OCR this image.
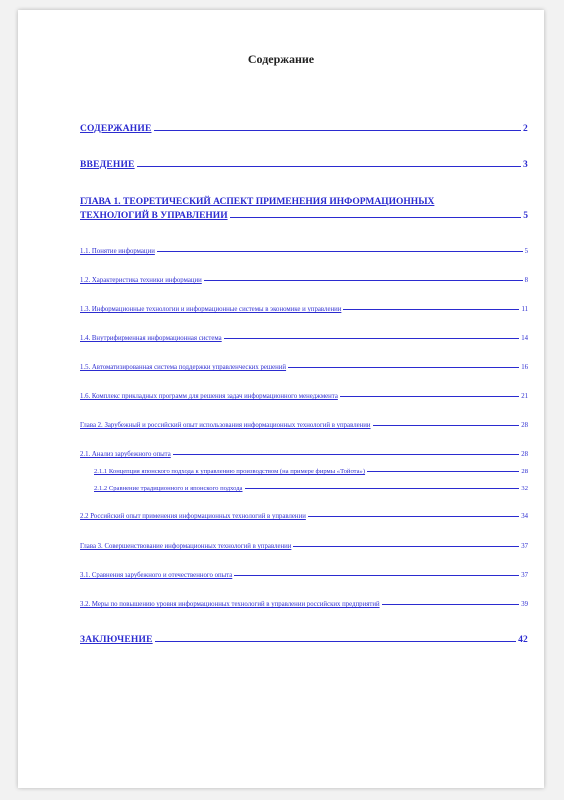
Содержание
СОДЕРЖАНИЕ	2
ВВЕДЕНИЕ	3
ГЛАВА 1. ТЕОРЕТИЧЕСКИЙ АСПЕКТ ПРИМЕНЕНИЯ ИНФОРМАЦИОННЫХ
ТЕХНОЛОГИЙ В УПРАВЛЕНИИ	5
1.1. Понятие информации	5
1.2. Характеристика техники информации	8
1.3. Информационные технологии и информационные системы в экономике и управлении	11
1.4. Внутрифирменная информационная система	14
1.5. Автоматизированная система поддержки управленческих решений	16
1.6. Комплекс прикладных программ для решения задач информационного менеджмента	21
Глава 2. Зарубежный и российский опыт использования информационных технологий в управлении	28
2.1. Анализ зарубежного опыта	28
2.1.1 Концепция японского подхода к управлению производством (на примере фирмы «Тойота»)	28
2.1.2 Сравнение традиционного и японского подхода	32
2.2 Российский опыт применения информационных технологий в управлении	34
Глава 3. Совершенствование информационных технологий в управлении	37
3.1. Сравнения зарубежного и отечественного опыта	37
3.2. Меры по повышению уровня информационных технологий в управлении российских предприятий	39
ЗАКЛЮЧЕНИЕ	42
